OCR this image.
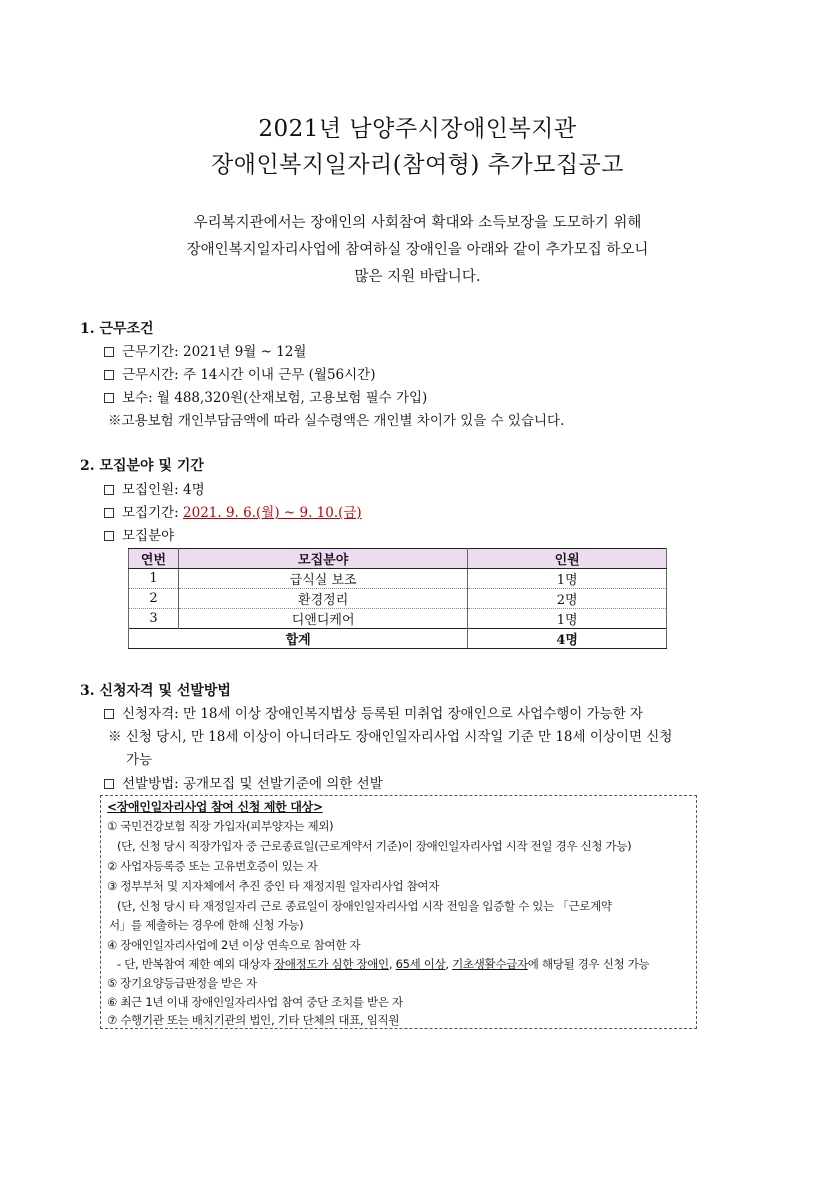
2021년 남양주시장애인복지관
장애인복지일자리(참여형) 추가모집공고
우리복지관에서는 장애인의 사회참여 확대와 소득보장을 도모하기 위해
장애인복지일자리사업에 참여하실 장애인을 아래와 같이 추가모집 하오니
많은 지원 바랍니다.
1. 근무조건
근무기간: 2021년 9월 ~ 12월
근무시간: 주 14시간 이내 근무 (월56시간)
보수: 월 488,320원(산재보험, 고용보험 필수 가입)
※고용보험 개인부담금액에 따라 실수령액은 개인별 차이가 있을 수 있습니다.
2. 모집분야 및 기간
모집인원: 4명
모집기간: 2021. 9. 6.(월) ~ 9. 10.(금)
모집분야
연번	모집분야	인원
1	급식실 보조	1명
2	환경정리	2명
3	디앤디케어	1명
합계		4명
3. 신청자격 및 선발방법
신청자격: 만 18세 이상 장애인복지법상 등록된 미취업 장애인으로 사업수행이 가능한 자
※ 신청 당시, 만 18세 이상이 아니더라도 장애인일자리사업 시작일 기준 만 18세 이상이면 신청
가능
선발방법: 공개모집 및 선발기준에 의한 선발
<장애인일자리사업 참여 신청 제한 대상>
① 국민건강보험 직장 가입자(피부양자는 제외)
(단, 신청 당시 직장가입자 중 근로종료일(근로계약서 기준)이 장애인일자리사업 시작 전일 경우 신청 가능)
② 사업자등록증 또는 고유번호증이 있는 자
③ 정부부처 및 지자체에서 추진 중인 타 재정지원 일자리사업 참여자
(단, 신청 당시 타 재정일자리 근로 종료일이 장애인일자리사업 시작 전임을 입증할 수 있는 「근로계약
서」를 제출하는 경우에 한해 신청 가능)
④ 장애인일자리사업에 2년 이상 연속으로 참여한 자
- 단, 반복참여 제한 예외 대상자 장애정도가 심한 장애인, 65세 이상, 기초생활수급자에 해당될 경우 신청 가능
⑤ 장기요양등급판정을 받은 자
⑥ 최근 1년 이내 장애인일자리사업 참여 중단 조치를 받은 자
⑦ 수행기관 또는 배치기관의 법인, 기타 단체의 대표, 임직원
